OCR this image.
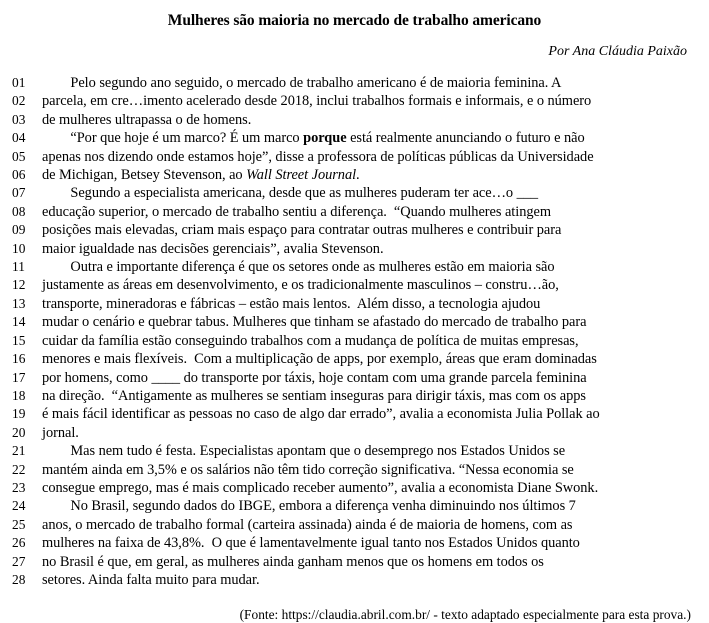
Mulheres são maioria no mercado de trabalho americano
Por Ana Cláudia Paixão
01	Pelo segundo ano seguido, o mercado de trabalho americano é de maioria feminina. A
02	parcela, em cre…imento acelerado desde 2018, inclui trabalhos formais e informais, e o número
03	de mulheres ultrapassa o de homens.
04	“Por que hoje é um marco? É um marco porque está realmente anunciando o futuro e não
05	apenas nos dizendo onde estamos hoje”, disse a professora de políticas públicas da Universidade
06	de Michigan, Betsey Stevenson, ao Wall Street Journal.
07	Segundo a especialista americana, desde que as mulheres puderam ter ace…o ___
08	educação superior, o mercado de trabalho sentiu a diferença.  “Quando mulheres atingem
09	posições mais elevadas, criam mais espaço para contratar outras mulheres e contribuir para
10	maior igualdade nas decisões gerenciais”, avalia Stevenson.
11	Outra e importante diferença é que os setores onde as mulheres estão em maioria são
12	justamente as áreas em desenvolvimento, e os tradicionalmente masculinos – constru…ão,
13	transporte, mineradoras e fábricas – estão mais lentos.  Além disso, a tecnologia ajudou
14	mudar o cenário e quebrar tabus. Mulheres que tinham se afastado do mercado de trabalho para
15	cuidar da família estão conseguindo trabalhos com a mudança de política de muitas empresas,
16	menores e mais flexíveis.  Com a multiplicação de apps, por exemplo, áreas que eram dominadas
17	por homens, como ____ do transporte por táxis, hoje contam com uma grande parcela feminina
18	na direção.  “Antigamente as mulheres se sentiam inseguras para dirigir táxis, mas com os apps
19	é mais fácil identificar as pessoas no caso de algo dar errado”, avalia a economista Julia Pollak ao
20	jornal.
21	Mas nem tudo é festa. Especialistas apontam que o desemprego nos Estados Unidos se
22	mantém ainda em 3,5% e os salários não têm tido correção significativa. “Nessa economia se
23	consegue emprego, mas é mais complicado receber aumento”, avalia a economista Diane Swonk.
24	No Brasil, segundo dados do IBGE, embora a diferença venha diminuindo nos últimos 7
25	anos, o mercado de trabalho formal (carteira assinada) ainda é de maioria de homens, com as
26	mulheres na faixa de 43,8%.  O que é lamentavelmente igual tanto nos Estados Unidos quanto
27	no Brasil é que, em geral, as mulheres ainda ganham menos que os homens em todos os
28	setores. Ainda falta muito para mudar.
(Fonte: https://claudia.abril.com.br/ - texto adaptado especialmente para esta prova.)
